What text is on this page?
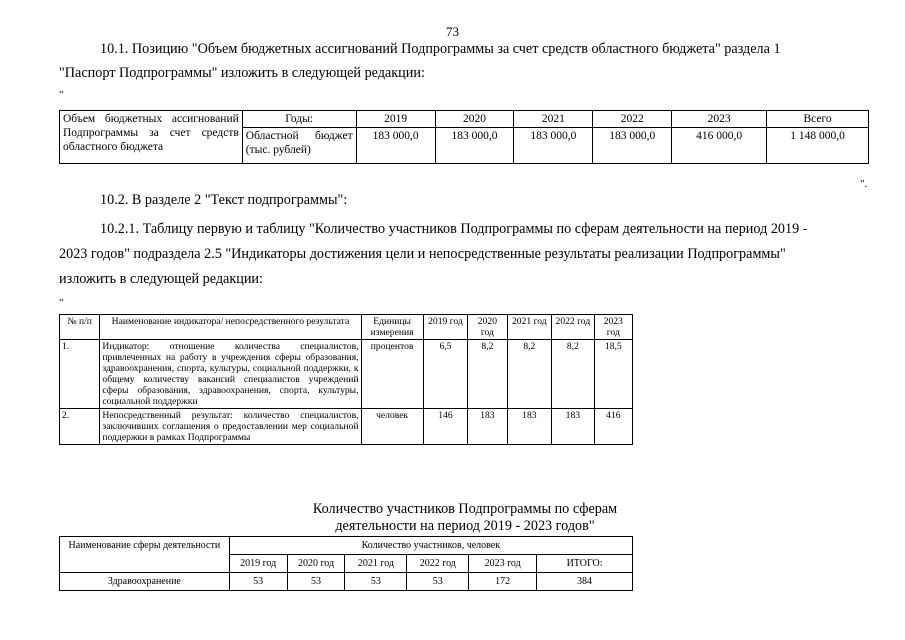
73
10.1. Позицию "Объем бюджетных ассигнований Подпрограммы за счет средств областного бюджета" раздела 1
"Паспорт Подпрограммы" изложить в следующей редакции:
"
Объем бюджетных ассигнований Подпрограммы за счет средств областного бюджета	Годы:	2019	2020	2021	2022	2023	Всего
	Областной бюджет (тыс. рублей)	183 000,0	183 000,0	183 000,0	183 000,0	416 000,0	1 148 000,0
".
10.2. В разделе 2 "Текст подпрограммы":
10.2.1. Таблицу первую и таблицу "Количество участников Подпрограммы по сферам деятельности на период 2019 -
2023 годов" подраздела 2.5 "Индикаторы достижения цели и непосредственные результаты реализации Подпрограммы"
изложить в следующей редакции:
"
№ п/п	Наименование индикатора/ непосредственного результата	Единицы измерения	2019 год	2020 год	2021 год	2022 год	2023 год
1.	Индикатор: отношение количества специалистов, привлеченных на работу в учреждения сферы образования, здравоохранения, спорта, культуры, социальной поддержки, к общему количеству вакансий специалистов учреждений сферы образования, здравоохранения, спорта, культуры, социальной поддержки	процентов	6,5	8,2	8,2	8,2	18,5
2.	Непосредственный результат: количество специалистов, заключивших соглашения о предоставлении мер социальной поддержки в рамках Подпрограммы	человек	146	183	183	183	416
Количество участников Подпрограммы по сферам
деятельности на период 2019 - 2023 годов"
Наименование сферы деятельности	Количество участников, человек					
	2019 год	2020 год	2021 год	2022 год	2023 год	ИТОГО:
Здравоохранение	53	53	53	53	172	384
